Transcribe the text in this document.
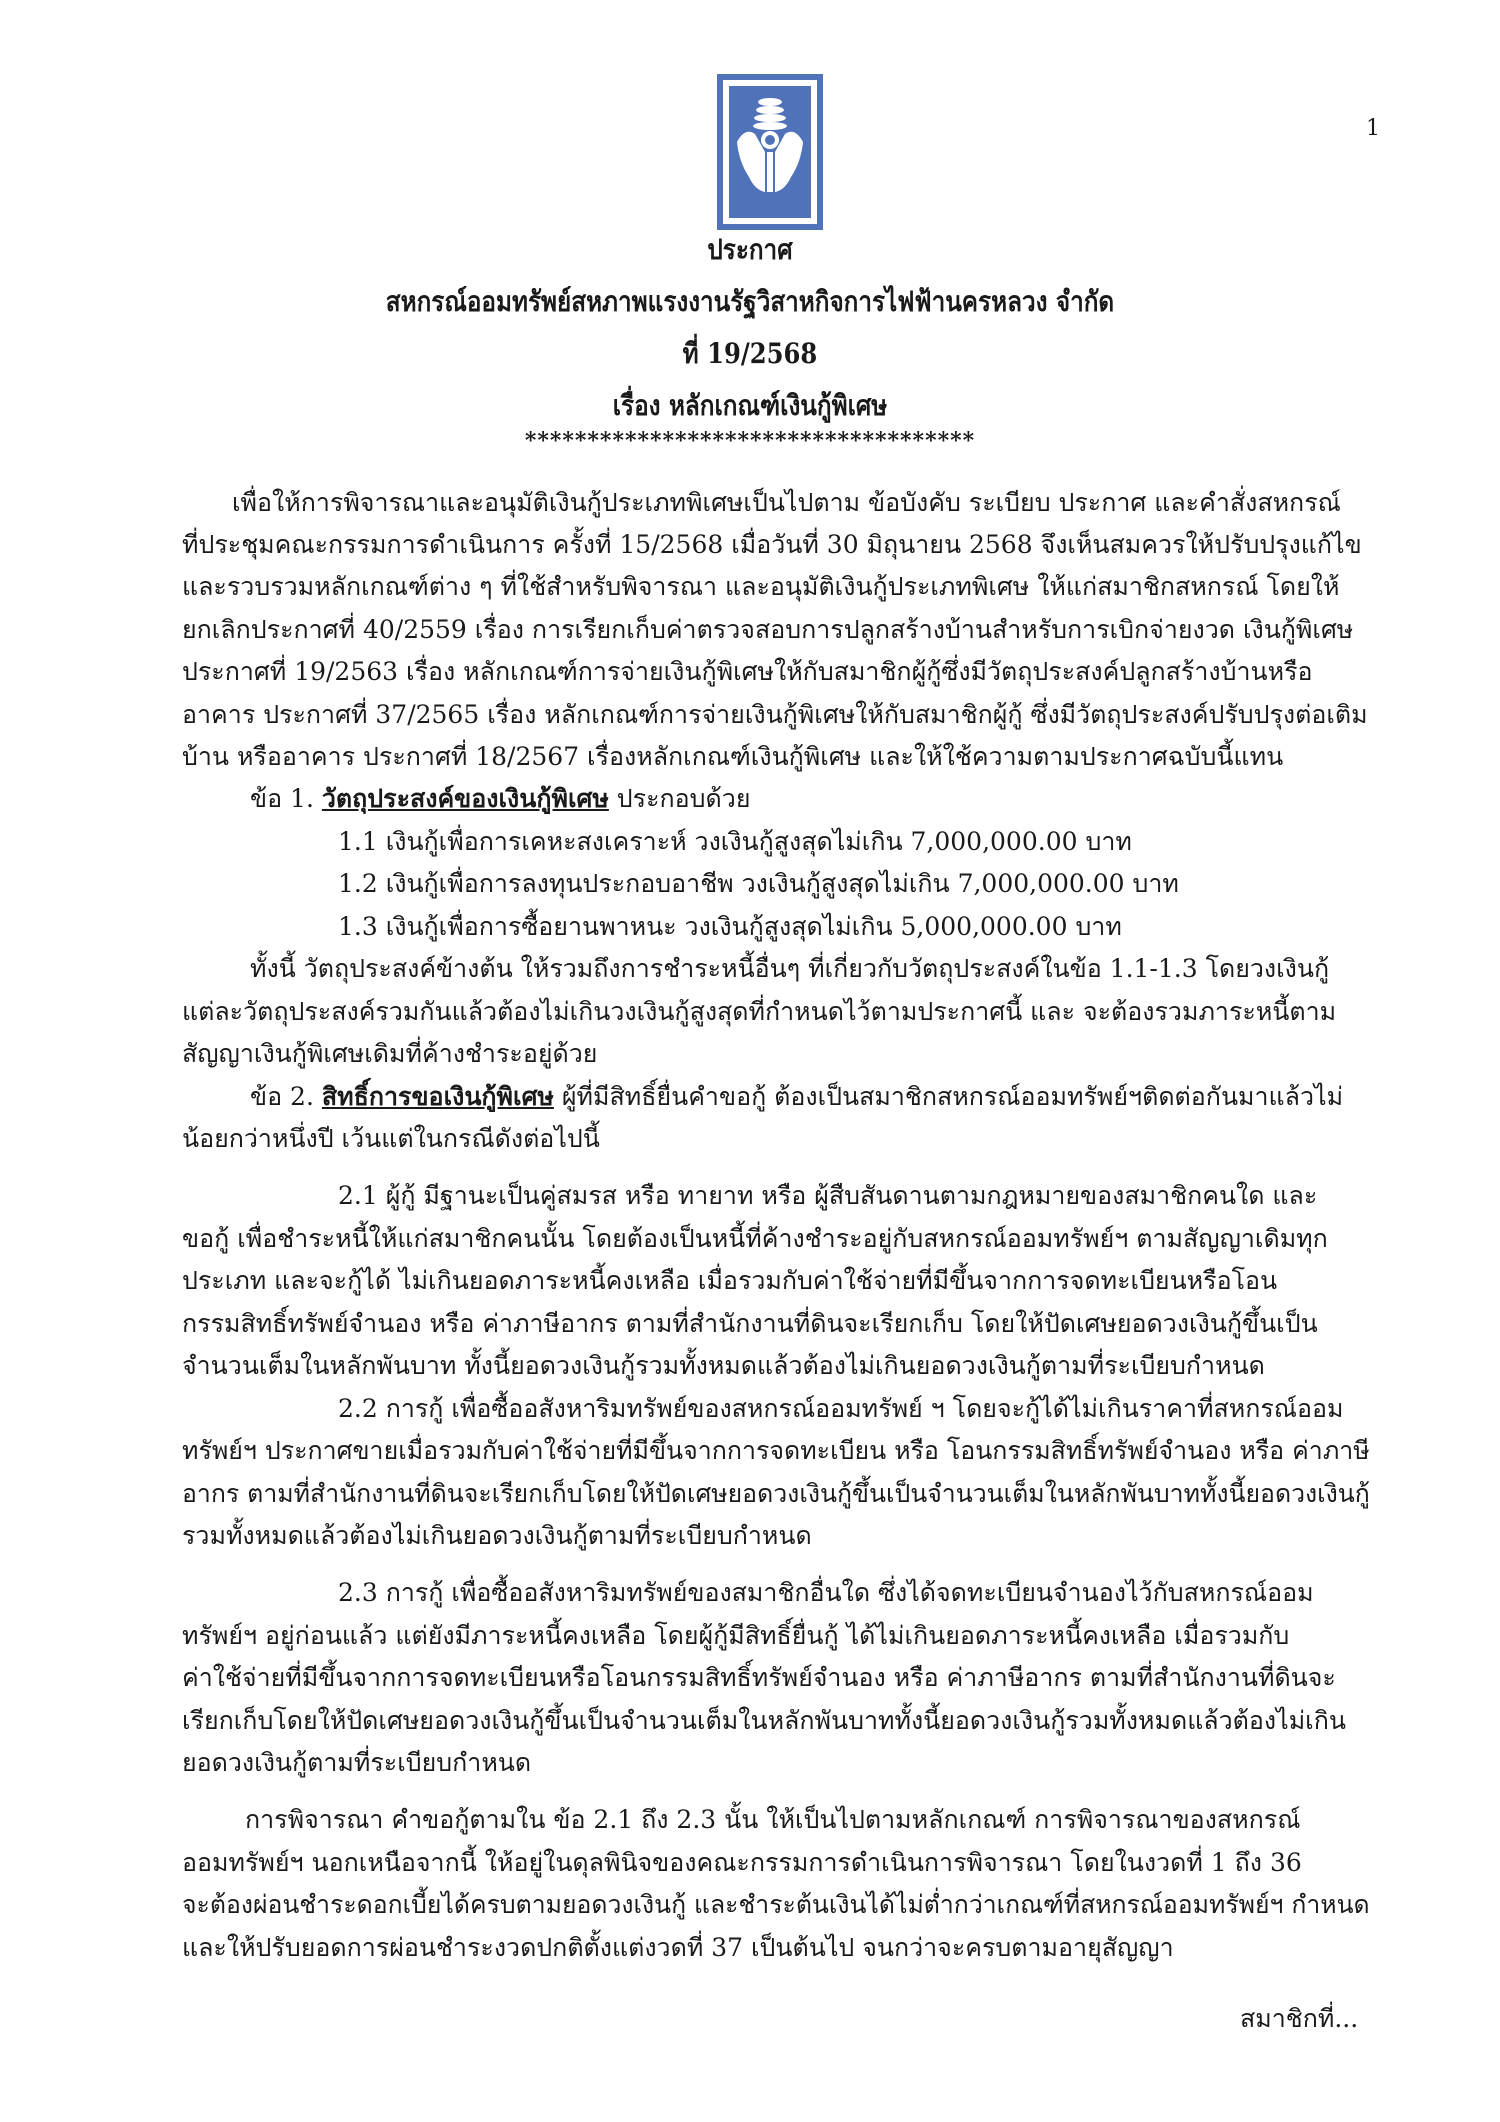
1
ประกาศ
สหกรณ์ออมทรัพย์สหภาพแรงงานรัฐวิสาหกิจการไฟฟ้านครหลวง จำกัด
ที่ 19/2568
เรื่อง หลักเกณฑ์เงินกู้พิเศษ
************************************
เพื่อให้การพิจารณาและอนุมัติเงินกู้ประเภทพิเศษเป็นไปตาม ข้อบังคับ ระเบียบ ประกาศ และคำสั่งสหกรณ์
ที่ประชุมคณะกรรมการดำเนินการ ครั้งที่ 15/2568 เมื่อวันที่ 30 มิถุนายน 2568 จึงเห็นสมควรให้ปรับปรุงแก้ไข
และรวบรวมหลักเกณฑ์ต่าง ๆ ที่ใช้สำหรับพิจารณา และอนุมัติเงินกู้ประเภทพิเศษ ให้แก่สมาชิกสหกรณ์ โดยให้
ยกเลิกประกาศที่ 40/2559 เรื่อง การเรียกเก็บค่าตรวจสอบการปลูกสร้างบ้านสำหรับการเบิกจ่ายงวด เงินกู้พิเศษ
ประกาศที่ 19/2563 เรื่อง หลักเกณฑ์การจ่ายเงินกู้พิเศษให้กับสมาชิกผู้กู้ซึ่งมีวัตถุประสงค์ปลูกสร้างบ้านหรือ
อาคาร ประกาศที่ 37/2565 เรื่อง หลักเกณฑ์การจ่ายเงินกู้พิเศษให้กับสมาชิกผู้กู้ ซึ่งมีวัตถุประสงค์ปรับปรุงต่อเติม
บ้าน หรืออาคาร ประกาศที่ 18/2567 เรื่องหลักเกณฑ์เงินกู้พิเศษ และให้ใช้ความตามประกาศฉบับนี้แทน
ข้อ 1. วัตถุประสงค์ของเงินกู้พิเศษ ประกอบด้วย
1.1 เงินกู้เพื่อการเคหะสงเคราะห์ วงเงินกู้สูงสุดไม่เกิน 7,000,000.00 บาท
1.2 เงินกู้เพื่อการลงทุนประกอบอาชีพ วงเงินกู้สูงสุดไม่เกิน 7,000,000.00 บาท
1.3 เงินกู้เพื่อการซื้อยานพาหนะ วงเงินกู้สูงสุดไม่เกิน 5,000,000.00 บาท
ทั้งนี้ วัตถุประสงค์ข้างต้น ให้รวมถึงการชำระหนี้อื่นๆ ที่เกี่ยวกับวัตถุประสงค์ในข้อ 1.1-1.3 โดยวงเงินกู้
แต่ละวัตถุประสงค์รวมกันแล้วต้องไม่เกินวงเงินกู้สูงสุดที่กำหนดไว้ตามประกาศนี้ และ จะต้องรวมภาระหนี้ตาม
สัญญาเงินกู้พิเศษเดิมที่ค้างชำระอยู่ด้วย
ข้อ 2. สิทธิ์การขอเงินกู้พิเศษ ผู้ที่มีสิทธิ์ยื่นคำขอกู้ ต้องเป็นสมาชิกสหกรณ์ออมทรัพย์ฯติดต่อกันมาแล้วไม่
น้อยกว่าหนึ่งปี เว้นแต่ในกรณีดังต่อไปนี้
2.1 ผู้กู้ มีฐานะเป็นคู่สมรส หรือ ทายาท หรือ ผู้สืบสันดานตามกฎหมายของสมาชิกคนใด และ
ขอกู้ เพื่อชำระหนี้ให้แก่สมาชิกคนนั้น โดยต้องเป็นหนี้ที่ค้างชำระอยู่กับสหกรณ์ออมทรัพย์ฯ ตามสัญญาเดิมทุก
ประเภท และจะกู้ได้ ไม่เกินยอดภาระหนี้คงเหลือ เมื่อรวมกับค่าใช้จ่ายที่มีขึ้นจากการจดทะเบียนหรือโอน
กรรมสิทธิ์ทรัพย์จำนอง หรือ ค่าภาษีอากร ตามที่สำนักงานที่ดินจะเรียกเก็บ โดยให้ปัดเศษยอดวงเงินกู้ขึ้นเป็น
จำนวนเต็มในหลักพันบาท ทั้งนี้ยอดวงเงินกู้รวมทั้งหมดแล้วต้องไม่เกินยอดวงเงินกู้ตามที่ระเบียบกำหนด
2.2 การกู้ เพื่อซื้ออสังหาริมทรัพย์ของสหกรณ์ออมทรัพย์ ฯ โดยจะกู้ได้ไม่เกินราคาที่สหกรณ์ออม
ทรัพย์ฯ ประกาศขายเมื่อรวมกับค่าใช้จ่ายที่มีขึ้นจากการจดทะเบียน หรือ โอนกรรมสิทธิ์ทรัพย์จำนอง หรือ ค่าภาษี
อากร ตามที่สำนักงานที่ดินจะเรียกเก็บโดยให้ปัดเศษยอดวงเงินกู้ขึ้นเป็นจำนวนเต็มในหลักพันบาททั้งนี้ยอดวงเงินกู้
รวมทั้งหมดแล้วต้องไม่เกินยอดวงเงินกู้ตามที่ระเบียบกำหนด
2.3 การกู้ เพื่อซื้ออสังหาริมทรัพย์ของสมาชิกอื่นใด ซึ่งได้จดทะเบียนจำนองไว้กับสหกรณ์ออม
ทรัพย์ฯ อยู่ก่อนแล้ว แต่ยังมีภาระหนี้คงเหลือ โดยผู้กู้มีสิทธิ์ยื่นกู้ ได้ไม่เกินยอดภาระหนี้คงเหลือ เมื่อรวมกับ
ค่าใช้จ่ายที่มีขึ้นจากการจดทะเบียนหรือโอนกรรมสิทธิ์ทรัพย์จำนอง หรือ ค่าภาษีอากร ตามที่สำนักงานที่ดินจะ
เรียกเก็บโดยให้ปัดเศษยอดวงเงินกู้ขึ้นเป็นจำนวนเต็มในหลักพันบาททั้งนี้ยอดวงเงินกู้รวมทั้งหมดแล้วต้องไม่เกิน
ยอดวงเงินกู้ตามที่ระเบียบกำหนด
การพิจารณา คำขอกู้ตามใน ข้อ 2.1 ถึง 2.3 นั้น ให้เป็นไปตามหลักเกณฑ์ การพิจารณาของสหกรณ์
ออมทรัพย์ฯ นอกเหนือจากนี้ ให้อยู่ในดุลพินิจของคณะกรรมการดำเนินการพิจารณา โดยในงวดที่ 1 ถึง 36
จะต้องผ่อนชำระดอกเบี้ยได้ครบตามยอดวงเงินกู้ และชำระต้นเงินได้ไม่ต่ำกว่าเกณฑ์ที่สหกรณ์ออมทรัพย์ฯ กำหนด
และให้ปรับยอดการผ่อนชำระงวดปกติตั้งแต่งวดที่ 37 เป็นต้นไป จนกว่าจะครบตามอายุสัญญา
สมาชิกที่...
